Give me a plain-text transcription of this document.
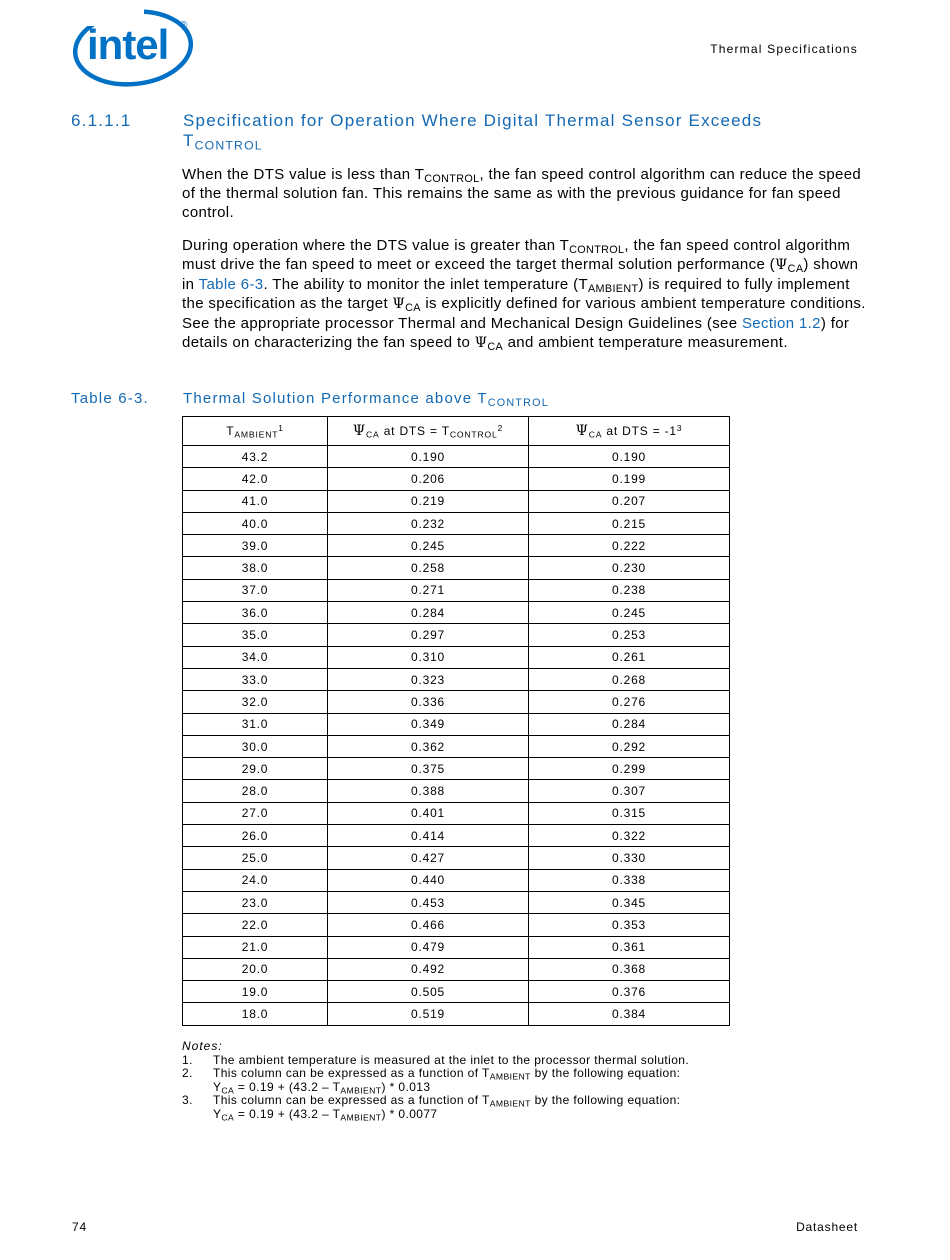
intel ®
Thermal Specifications
6.1.1.1	Specification for Operation Where Digital Thermal Sensor Exceeds
$T_{CONTROL}$
When the DTS value is less than $T_{CONTROL}$, the fan speed control algorithm can reduce the speed of the thermal solution fan. This remains the same as with the previous guidance for fan speed control.
During operation where the DTS value is greater than $T_{CONTROL}$, the fan speed control algorithm must drive the fan speed to meet or exceed the target thermal solution performance $(\Psi_{CA})$ shown in Table 6-3. The ability to monitor the inlet temperature $(T_{AMBIENT})$ is required to fully implement the specification as the target $\Psi_{CA}$ is explicitly defined for various ambient temperature conditions. See the appropriate processor Thermal and Mechanical Design Guidelines (see Section 1.2) for details on characterizing the fan speed to $\Psi_{CA}$ and ambient temperature measurement.
Table 6-3. Thermal Solution Performance above $T_{CONTROL}$
$T_{AMBIENT}^1$	$\Psi_{CA}$ at DTS = $T_{CONTROL}^2$	$\Psi_{CA}$ at DTS = $-1^3$
43.2	0.190	0.190
42.0	0.206	0.199
41.0	0.219	0.207
40.0	0.232	0.215
39.0	0.245	0.222
38.0	0.258	0.230
37.0	0.271	0.238
36.0	0.284	0.245
35.0	0.297	0.253
34.0	0.310	0.261
33.0	0.323	0.268
32.0	0.336	0.276
31.0	0.349	0.284
30.0	0.362	0.292
29.0	0.375	0.299
28.0	0.388	0.307
27.0	0.401	0.315
26.0	0.414	0.322
25.0	0.427	0.330
24.0	0.440	0.338
23.0	0.453	0.345
22.0	0.466	0.353
21.0	0.479	0.361
20.0	0.492	0.368
19.0	0.505	0.376
18.0	0.519	0.384
Notes:
1. The ambient temperature is measured at the inlet to the processor thermal solution.
2. This column can be expressed as a function of $T_{AMBIENT}$ by the following equation:
$Y_{CA} = 0.19 + (43.2 - T_{AMBIENT}) * 0.013$
3. This column can be expressed as a function of $T_{AMBIENT}$ by the following equation:
$Y_{CA} = 0.19 + (43.2 - T_{AMBIENT}) * 0.0077$
74	Datasheet
